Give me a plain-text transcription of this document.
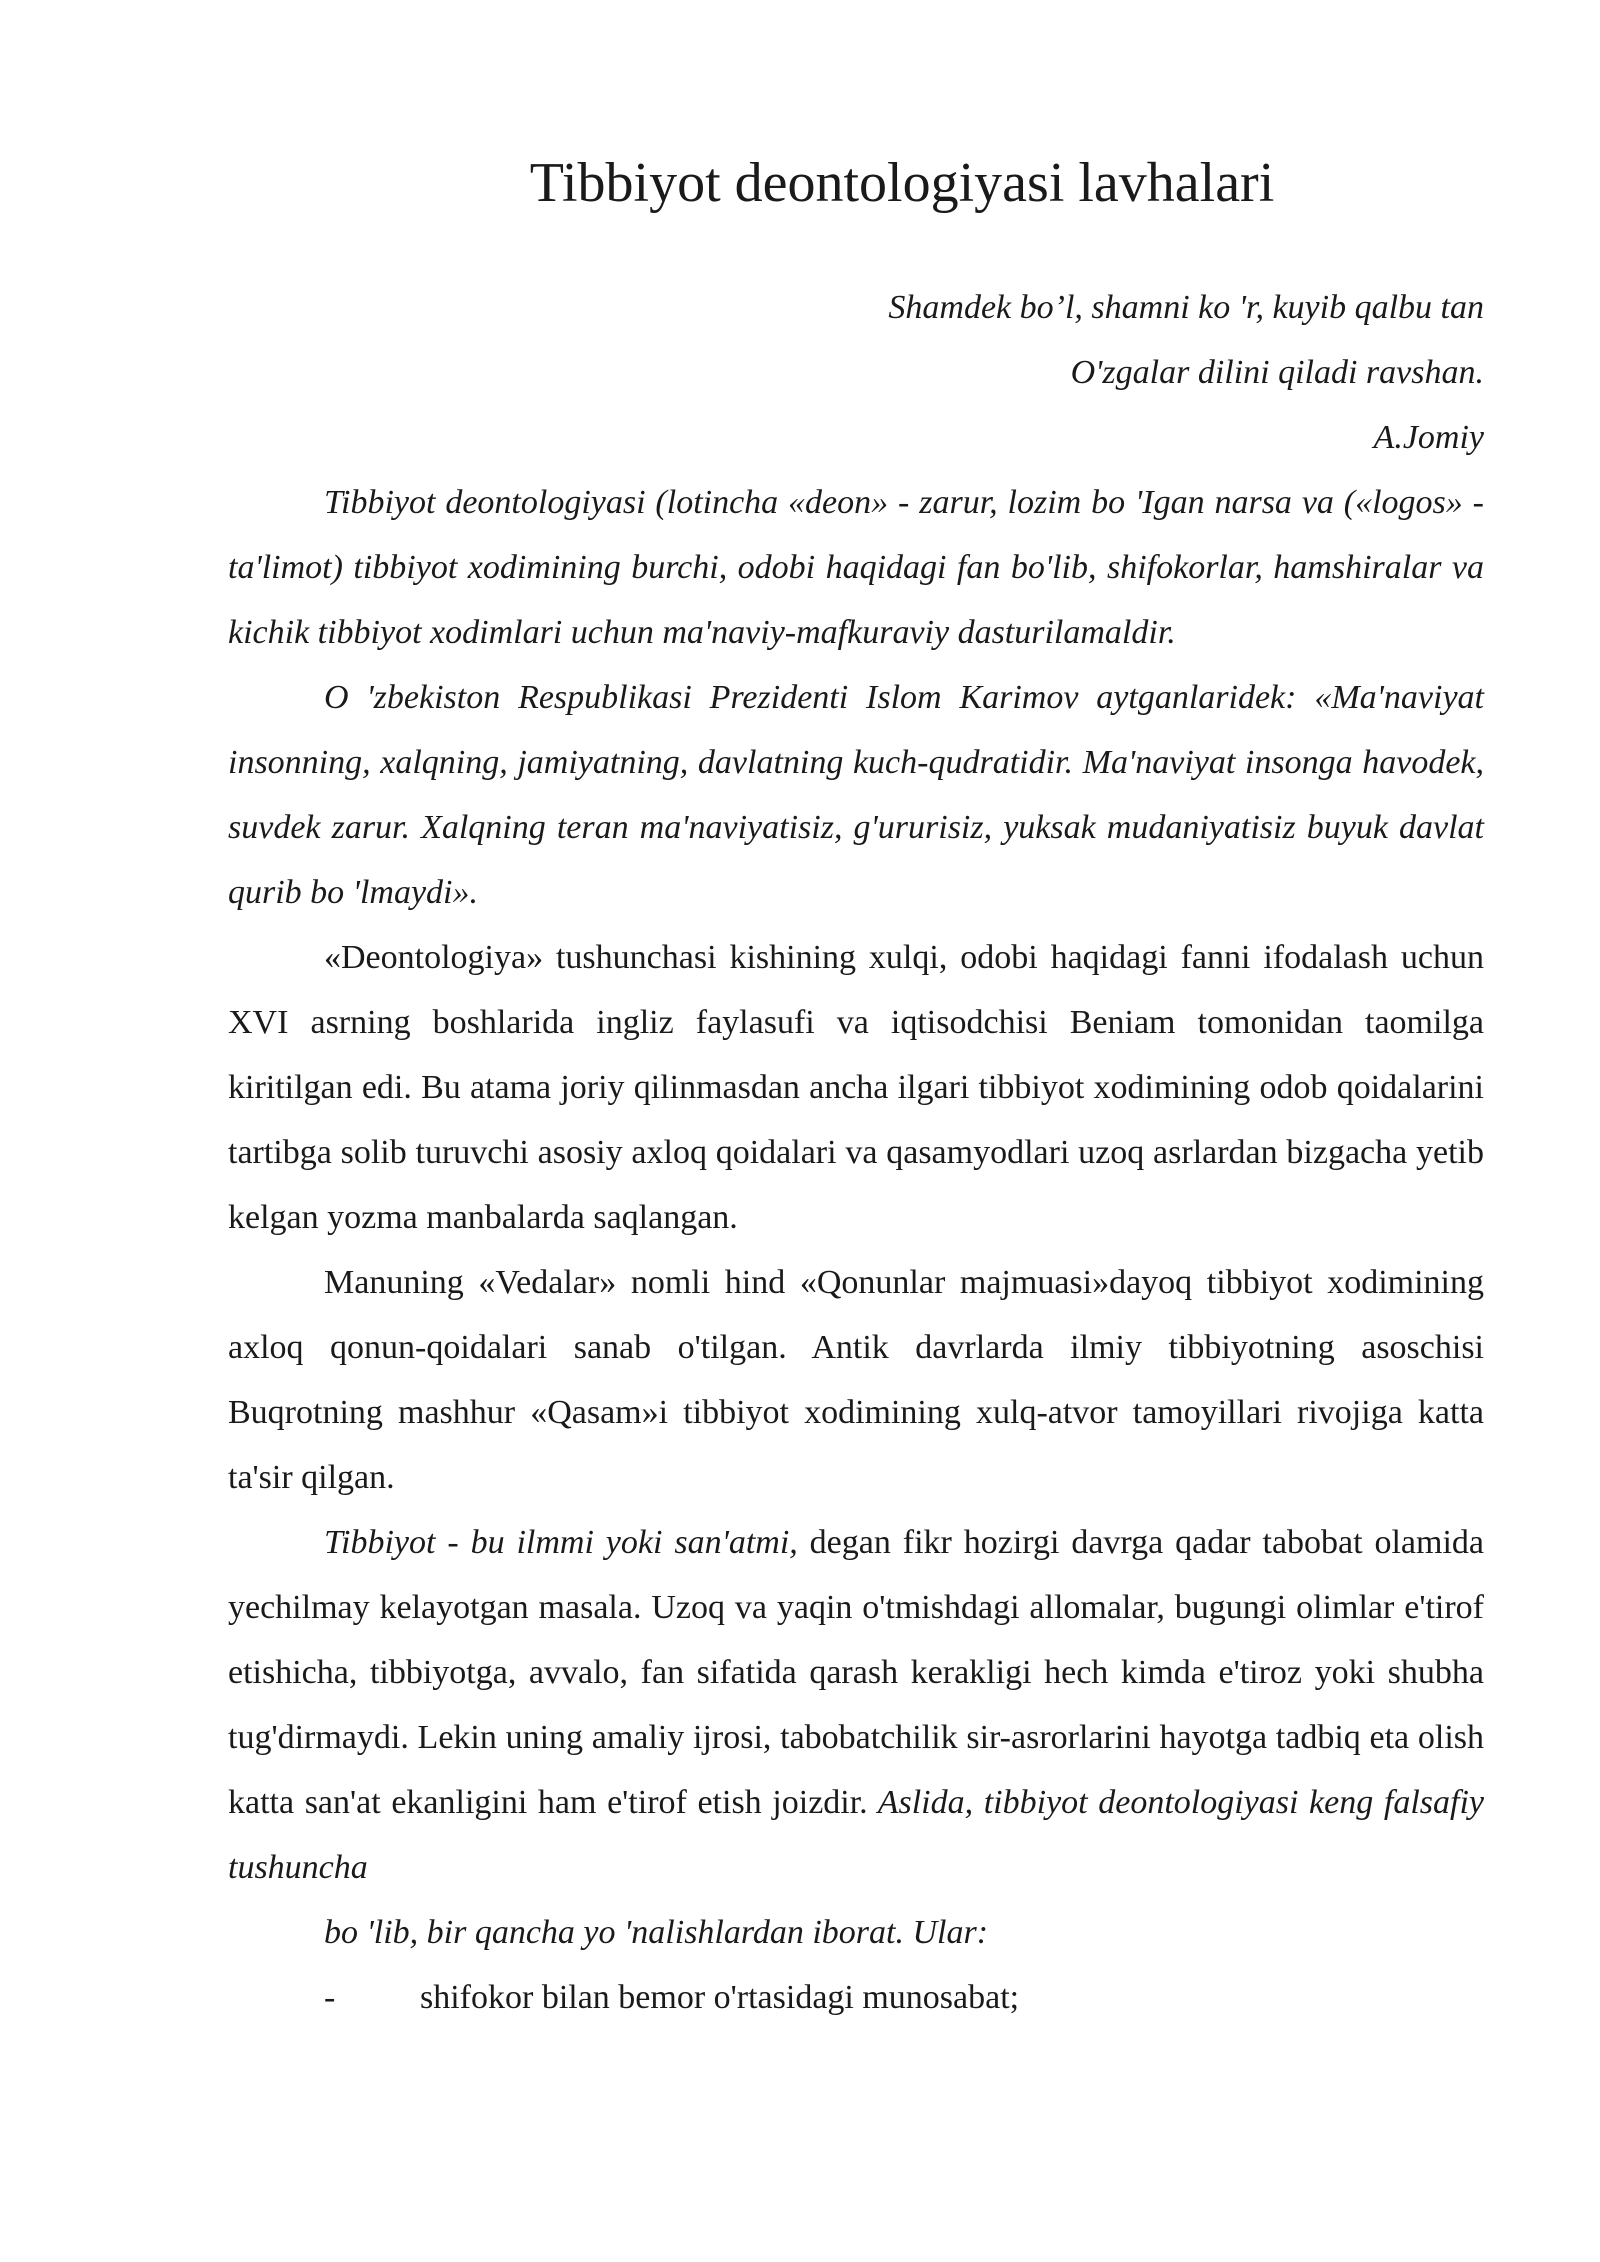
Tibbiyot deontologiyasi lavhalari
Shamdek bo’l, shamni ko 'r, kuyib qalbu tan
O'zgalar dilini qiladi ravshan.
A.Jomiy

Tibbiyot deontologiyasi (lotincha «deon» - zarur, lozim bo 'Igan narsa va («logos» - ta'limot) tibbiyot xodimining burchi, odobi haqidagi fan bo'lib, shifokorlar, hamshiralar va kichik tibbiyot xodimlari uchun ma'naviy-mafkuraviy dasturilamaldir.

O 'zbekiston Respublikasi Prezidenti Islom Karimov aytganlaridek: «Ma'naviyat insonning, xalqning, jamiyatning, davlatning kuch-qudratidir. Ma'naviyat insonga havodek, suvdek zarur. Xalqning teran ma'naviyatisiz, g'ururisiz, yuksak mudaniyatisiz buyuk davlat qurib bo 'lmaydi».

«Deontologiya» tushunchasi kishining xulqi, odobi haqidagi fanni ifodalash uchun XVI asrning boshlarida ingliz faylasufi va iqtisodchisi Beniam tomonidan taomilga kiritilgan edi. Bu atama joriy qilinmasdan ancha ilgari tibbiyot xodimining odob qoidalarini tartibga solib turuvchi asosiy axloq qoidalari va qasamyodlari uzoq asrlardan bizgacha yetib kelgan yozma manbalarda saqlangan.

Manuning «Vedalar» nomli hind «Qonunlar majmuasi»dayoq tibbiyot xodimining axloq qonun-qoidalari sanab o'tilgan. Antik davrlarda ilmiy tibbiyotning asoschisi Buqrotning mashhur «Qasam»i tibbiyot xodimining xulq-atvor tamoyillari rivojiga katta ta'sir qilgan.

Tibbiyot - bu ilmmi yoki san'atmi, degan fikr hozirgi davrga qadar tabobat olamida yechilmay kelayotgan masala. Uzoq va yaqin o'tmishdagi allomalar, bugungi olimlar e'tirof etishicha, tibbiyotga, avvalo, fan sifatida qarash kerakligi hech kimda e'tiroz yoki shubha tug'dirmaydi. Lekin uning amaliy ijrosi, tabobatchilik sir-asrorlarini hayotga tadbiq eta olish katta san'at ekanligini ham e'tirof etish joizdir. Aslida, tibbiyot deontologiyasi keng falsafiy tushuncha

bo 'lib, bir qancha yo 'nalishlardan iborat. Ular:

- shifokor bilan bemor o'rtasidagi munosabat;
